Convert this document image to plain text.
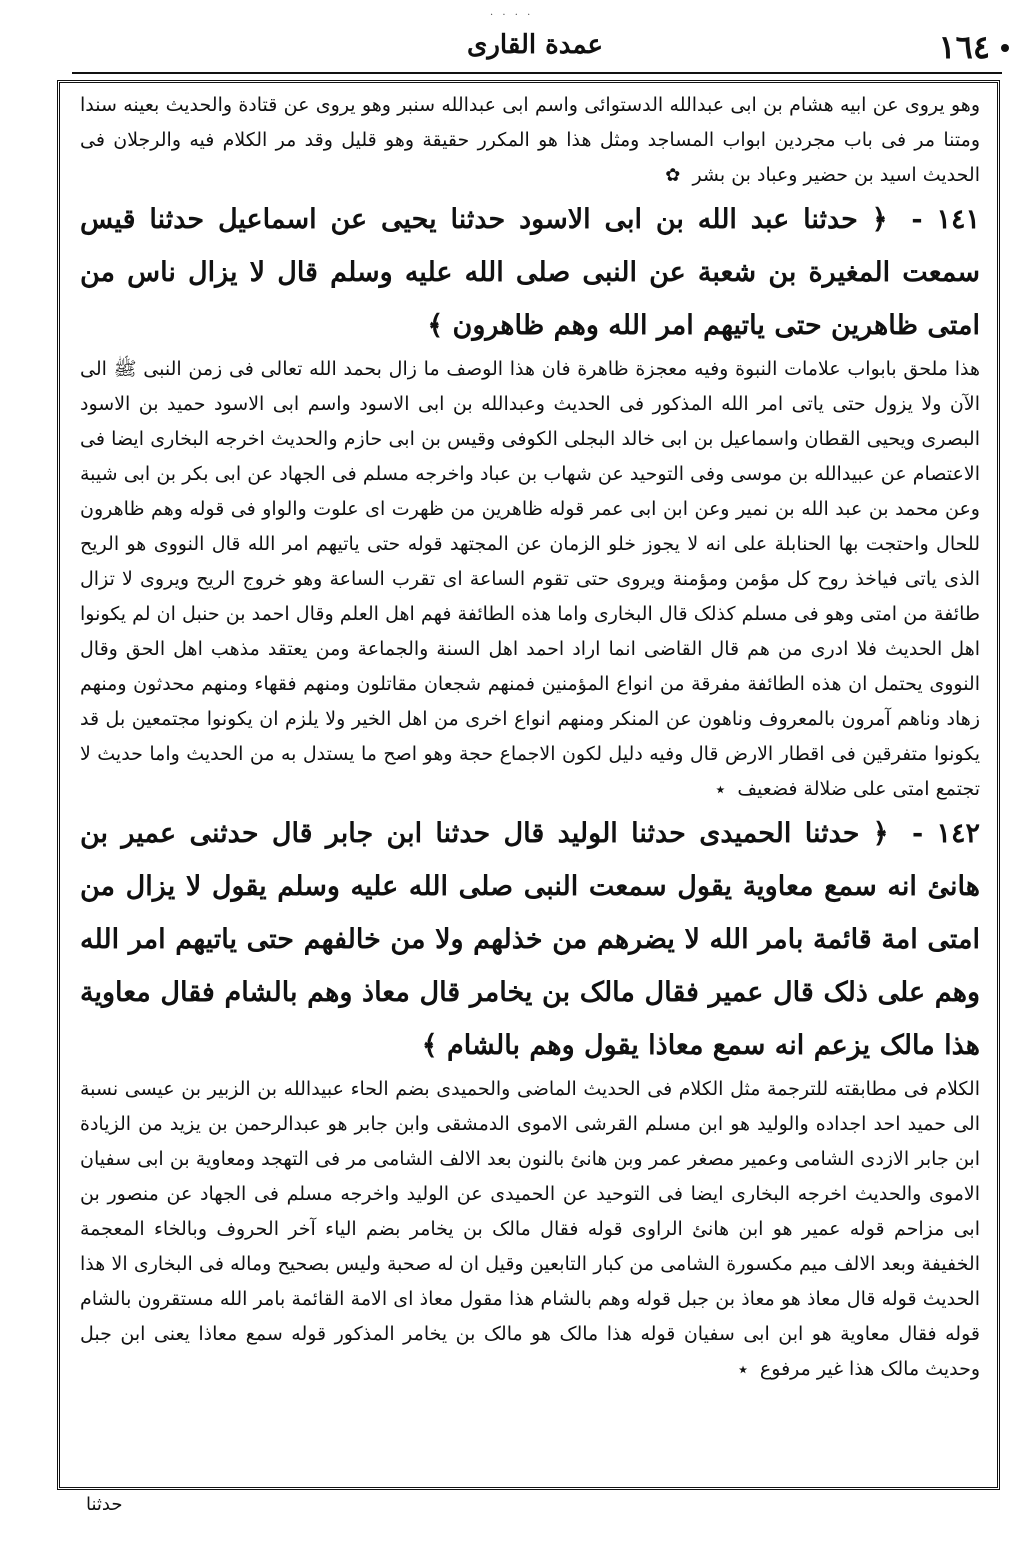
· · · ·
عمدة القاری	١٦٤

وهو یروی عن ابیه هشام بن ابی عبدالله الدستوائی واسم ابی عبدالله سنبر وهو یروی عن قتادة والحدیث بعینه سندا ومتنا مر فی باب مجردین ابواب المساجد ومثل هذا هو المکرر حقیقة وهو قلیل وقد مر الکلام فیه والرجلان فی الحدیث اسید بن حضیر وعباد بن بشر ✿

١٤١ - ﴿ حدثنا عبد الله بن ابی الاسود حدثنا یحیی عن اسماعیل حدثنا قیس سمعت المغیرة بن شعبة عن النبی صلی الله علیه وسلم قال لا یزال ناس من امتی ظاهرین حتی یاتیهم امر الله وهم ظاهرون ﴾

هذا ملحق بابواب علامات النبوة وفیه معجزة ظاهرة فان هذا الوصف ما زال بحمد الله تعالی فی زمن النبی ﷺ الی الآن ولا یزول حتی یاتی امر الله المذکور فی الحدیث وعبدالله بن ابی الاسود واسم ابی الاسود حمید بن الاسود البصری ویحیی القطان واسماعیل بن ابی خالد البجلی الکوفی وقیس بن ابی حازم والحدیث اخرجه البخاری ایضا فی الاعتصام عن عبیدالله بن موسی وفی التوحید عن شهاب بن عباد واخرجه مسلم فی الجهاد عن ابی بکر بن ابی شیبة وعن محمد بن عبد الله بن نمیر وعن ابن ابی عمر قوله ظاهرین من ظهرت ای علوت والواو فی قوله وهم ظاهرون للحال واحتجت بها الحنابلة علی انه لا یجوز خلو الزمان عن المجتهد قوله حتی یاتیهم امر الله قال النووی هو الریح الذی یاتی فیاخذ روح کل مؤمن ومؤمنة ویروی حتی تقوم الساعة ای تقرب الساعة وهو خروج الریح ویروی لا تزال طائفة من امتی وهو فی مسلم کذلک قال البخاری واما هذه الطائفة فهم اهل العلم وقال احمد بن حنبل ان لم یکونوا اهل الحدیث فلا ادری من هم قال القاضی انما اراد احمد اهل السنة والجماعة ومن یعتقد مذهب اهل الحق وقال النووی یحتمل ان هذه الطائفة مفرقة من انواع المؤمنین فمنهم شجعان مقاتلون ومنهم فقهاء ومنهم محدثون ومنهم زهاد وناهم آمرون بالمعروف وناهون عن المنکر ومنهم انواع اخری من اهل الخیر ولا یلزم ان یکونوا مجتمعین بل قد یکونوا متفرقین فی اقطار الارض قال وفیه دلیل لکون الاجماع حجة وهو اصح ما یستدل به من الحدیث واما حدیث لا تجتمع امتی علی ضلالة فضعیف ٭

١٤٢ - ﴿ حدثنا الحمیدی حدثنا الولید قال حدثنا ابن جابر قال حدثنی عمیر بن هانئ انه سمع معاویة یقول سمعت النبی صلی الله علیه وسلم یقول لا یزال من امتی امة قائمة بامر الله لا یضرهم من خذلهم ولا من خالفهم حتی یاتیهم امر الله وهم علی ذلک قال عمیر فقال مالک بن یخامر قال معاذ وهم بالشام فقال معاویة هذا مالک یزعم انه سمع معاذا یقول وهم بالشام ﴾

الکلام فی مطابقته للترجمة مثل الکلام فی الحدیث الماضی والحمیدی بضم الحاء عبیدالله بن الزبیر بن عیسی نسبة الی حمید احد اجداده والولید هو ابن مسلم القرشی الاموی الدمشقی وابن جابر هو عبدالرحمن بن یزید من الزیادة ابن جابر الازدی الشامی وعمیر مصغر عمر وبن هانئ بالنون بعد الالف الشامی مر فی التهجد ومعاویة بن ابی سفیان الاموی والحدیث اخرجه البخاری ایضا فی التوحید عن الحمیدی عن الولید واخرجه مسلم فی الجهاد عن منصور بن ابی مزاحم قوله عمیر هو ابن هانئ الراوی قوله فقال مالک بن یخامر بضم الیاء آخر الحروف وبالخاء المعجمة الخفیفة وبعد الالف میم مکسورة الشامی من کبار التابعین وقیل ان له صحبة ولیس بصحیح وماله فی البخاری الا هذا الحدیث قوله قال معاذ هو معاذ بن جبل قوله وهم بالشام هذا مقول معاذ ای الامة القائمة بامر الله مستقرون بالشام قوله فقال معاویة هو ابن ابی سفیان قوله هذا مالک هو مالک بن یخامر المذکور قوله سمع معاذا یعنی ابن جبل وحدیث مالک هذا غیر مرفوع ٭

حدثنا
